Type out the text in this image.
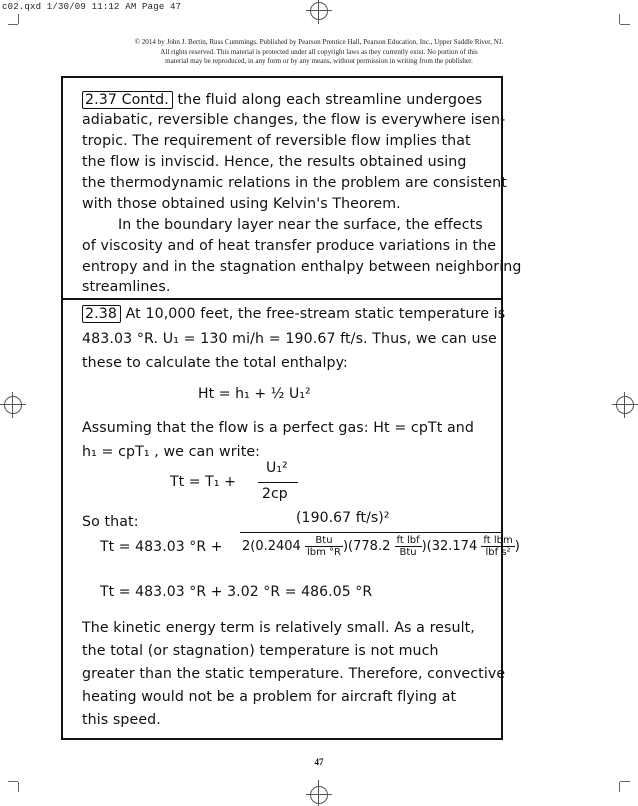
c02.qxd 1/30/09 11:12 AM Page 47
© 2014 by John J. Bertin, Russ Cummings. Published by Pearson Prentice Hall, Pearson Education, Inc., Upper Saddle River, NJ.
All rights reserved. This material is protected under all copyright laws as they currently exist. No portion of this
material may be reproduced, in any form or by any means, without permission in writing from the publisher.
2.37 Contd. the fluid along each streamline undergoes
adiabatic, reversible changes, the flow is everywhere isen-
tropic. The requirement of reversible flow implies that
the flow is inviscid. Hence, the results obtained using
the thermodynamic relations in the problem are consistent
with those obtained using Kelvin's Theorem.
In the boundary layer near the surface, the effects
of viscosity and of heat transfer produce variations in the
entropy and in the stagnation enthalpy between neighboring
2.38 At 10,000 feet, the free-stream static temperature is
483.03 °R. U₁ = 130 mi/h = 190.67 ft/s. Thus, we can use
these to calculate the total enthalpy:
Ht = h₁ + ½ U₁²
Assuming that the flow is a perfect gas: Ht = cpTt and
h₁ = cpT₁ , we can write:
Tt = T₁ +
U₁²
2cp
So that:
Tt = 483.03 °R +
(190.67 ft/s)²
$2(0.2404 \frac{\text{Btu}}{\text{lbm °R}} )(778.2 \frac{\text{ft lbf}}{\text{Btu}} )(32.174 \frac{\text{ft lbm}}{\text{lbf s²}}$ )
Tt = 483.03 °R + 3.02 °R = 486.05 °R
The kinetic energy term is relatively small. As a result,
the total (or stagnation) temperature is not much
greater than the static temperature. Therefore, convective
heating would not be a problem for aircraft flying at
this speed.
47
streamlines.
